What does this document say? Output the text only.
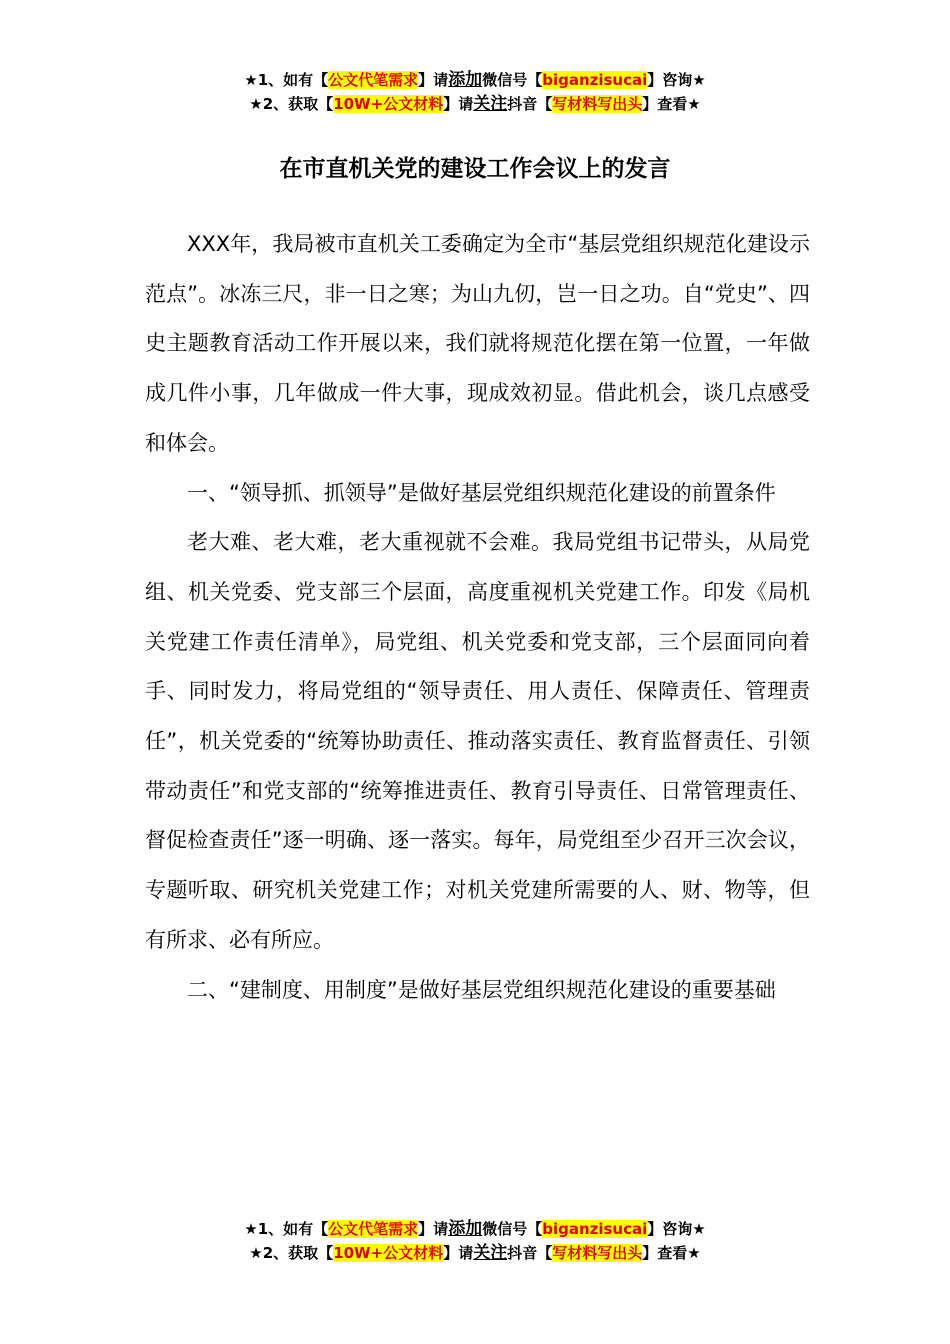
★1、如有【公文代笔需求】请添加微信号【biganzisucai】咨询★
★2、获取【10W+公文材料】请关注抖音【写材料写出头】查看★
在市直机关党的建设工作会议上的发言

XXX年，我局被市直机关工委确定为全市“基层党组织规范化建设示范点”。冰冻三尺，非一日之寒；为山九仞，岂一日之功。自“党史”、四史主题教育活动工作开展以来，我们就将规范化摆在第一位置，一年做成几件小事，几年做成一件大事，现成效初显。借此机会，谈几点感受和体会。

一、“领导抓、抓领导”是做好基层党组织规范化建设的前置条件

老大难、老大难，老大重视就不会难。我局党组书记带头，从局党组、机关党委、党支部三个层面，高度重视机关党建工作。印发《局机关党建工作责任清单》，局党组、机关党委和党支部，三个层面同向着手、同时发力，将局党组的“领导责任、用人责任、保障责任、管理责任”，机关党委的“统筹协助责任、推动落实责任、教育监督责任、引领带动责任”和党支部的“统筹推进责任、教育引导责任、日常管理责任、督促检查责任”逐一明确、逐一落实。每年，局党组至少召开三次会议，专题听取、研究机关党建工作；对机关党建所需要的人、财、物等，但有所求、必有所应。

二、“建制度、用制度”是做好基层党组织规范化建设的重要基础

★1、如有【公文代笔需求】请添加微信号【biganzisucai】咨询★
★2、获取【10W+公文材料】请关注抖音【写材料写出头】查看★
